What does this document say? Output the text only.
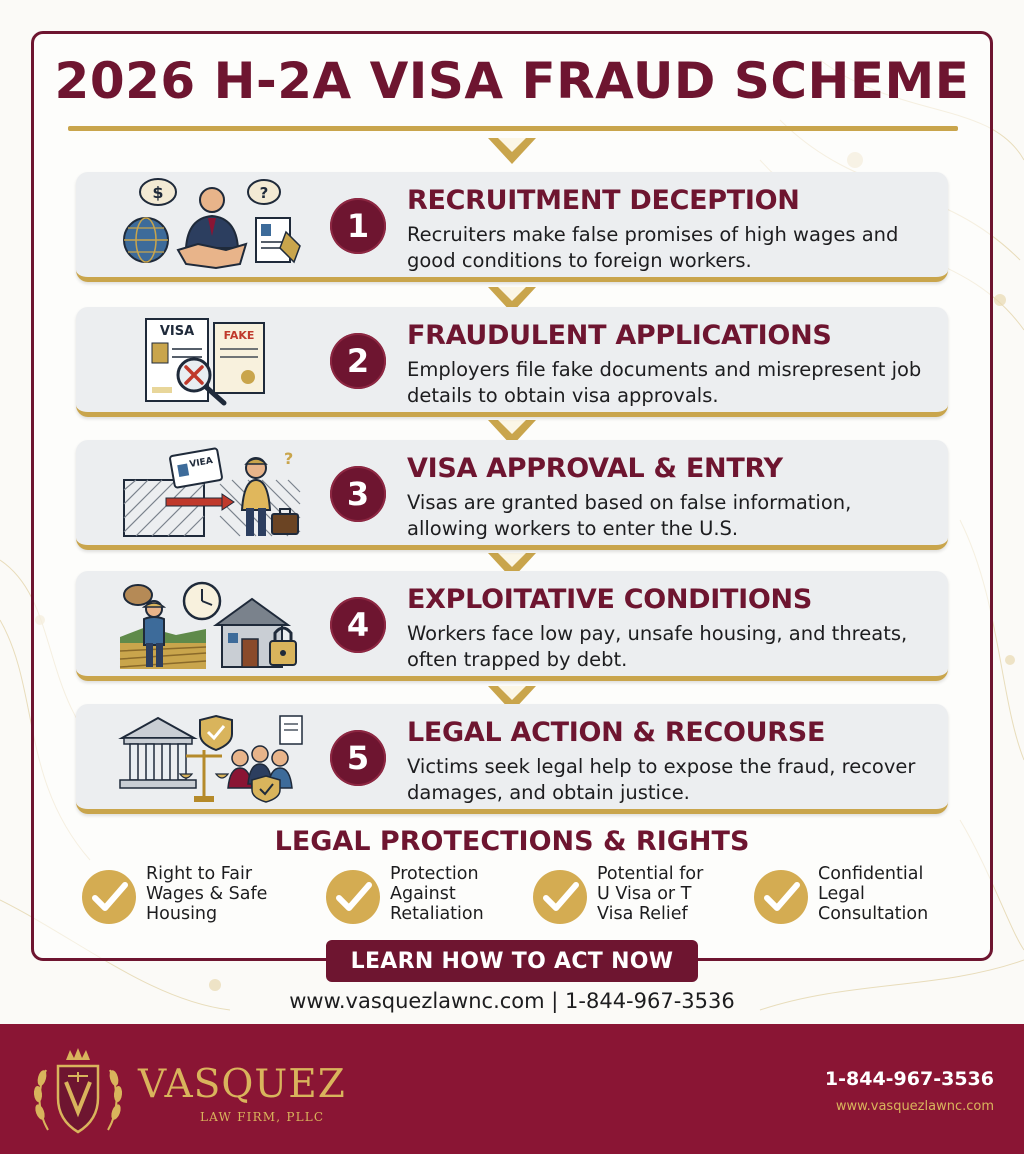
2026 H-2A VISA FRAUD SCHEME
$	?
1
RECRUITMENT DECEPTION
Recruiters make false promises of high wages and good conditions to foreign workers.
VISA	FAKE
2
FRAUDULENT APPLICATIONS
Employers file fake documents and misrepresent job details to obtain visa approvals.
VIEA	?
3
VISA APPROVAL & ENTRY
Visas are granted based on false information, allowing workers to enter the U.S.
4
EXPLOITATIVE CONDITIONS
Workers face low pay, unsafe housing, and threats, often trapped by debt.
5
LEGAL ACTION & RECOURSE
Victims seek legal help to expose the fraud, recover damages, and obtain justice.
LEGAL PROTECTIONS & RIGHTS
Right to Fair
Wages & Safe
Housing
Protection
Against
Retaliation
Potential for
U Visa or T
Visa Relief
Confidential
Legal
Consultation
LEARN HOW TO ACT NOW
www.vasquezlawnc.com | 1-844-967-3536
VASQUEZ
LAW FIRM, PLLC
1-844-967-3536
www.vasquezlawnc.com
